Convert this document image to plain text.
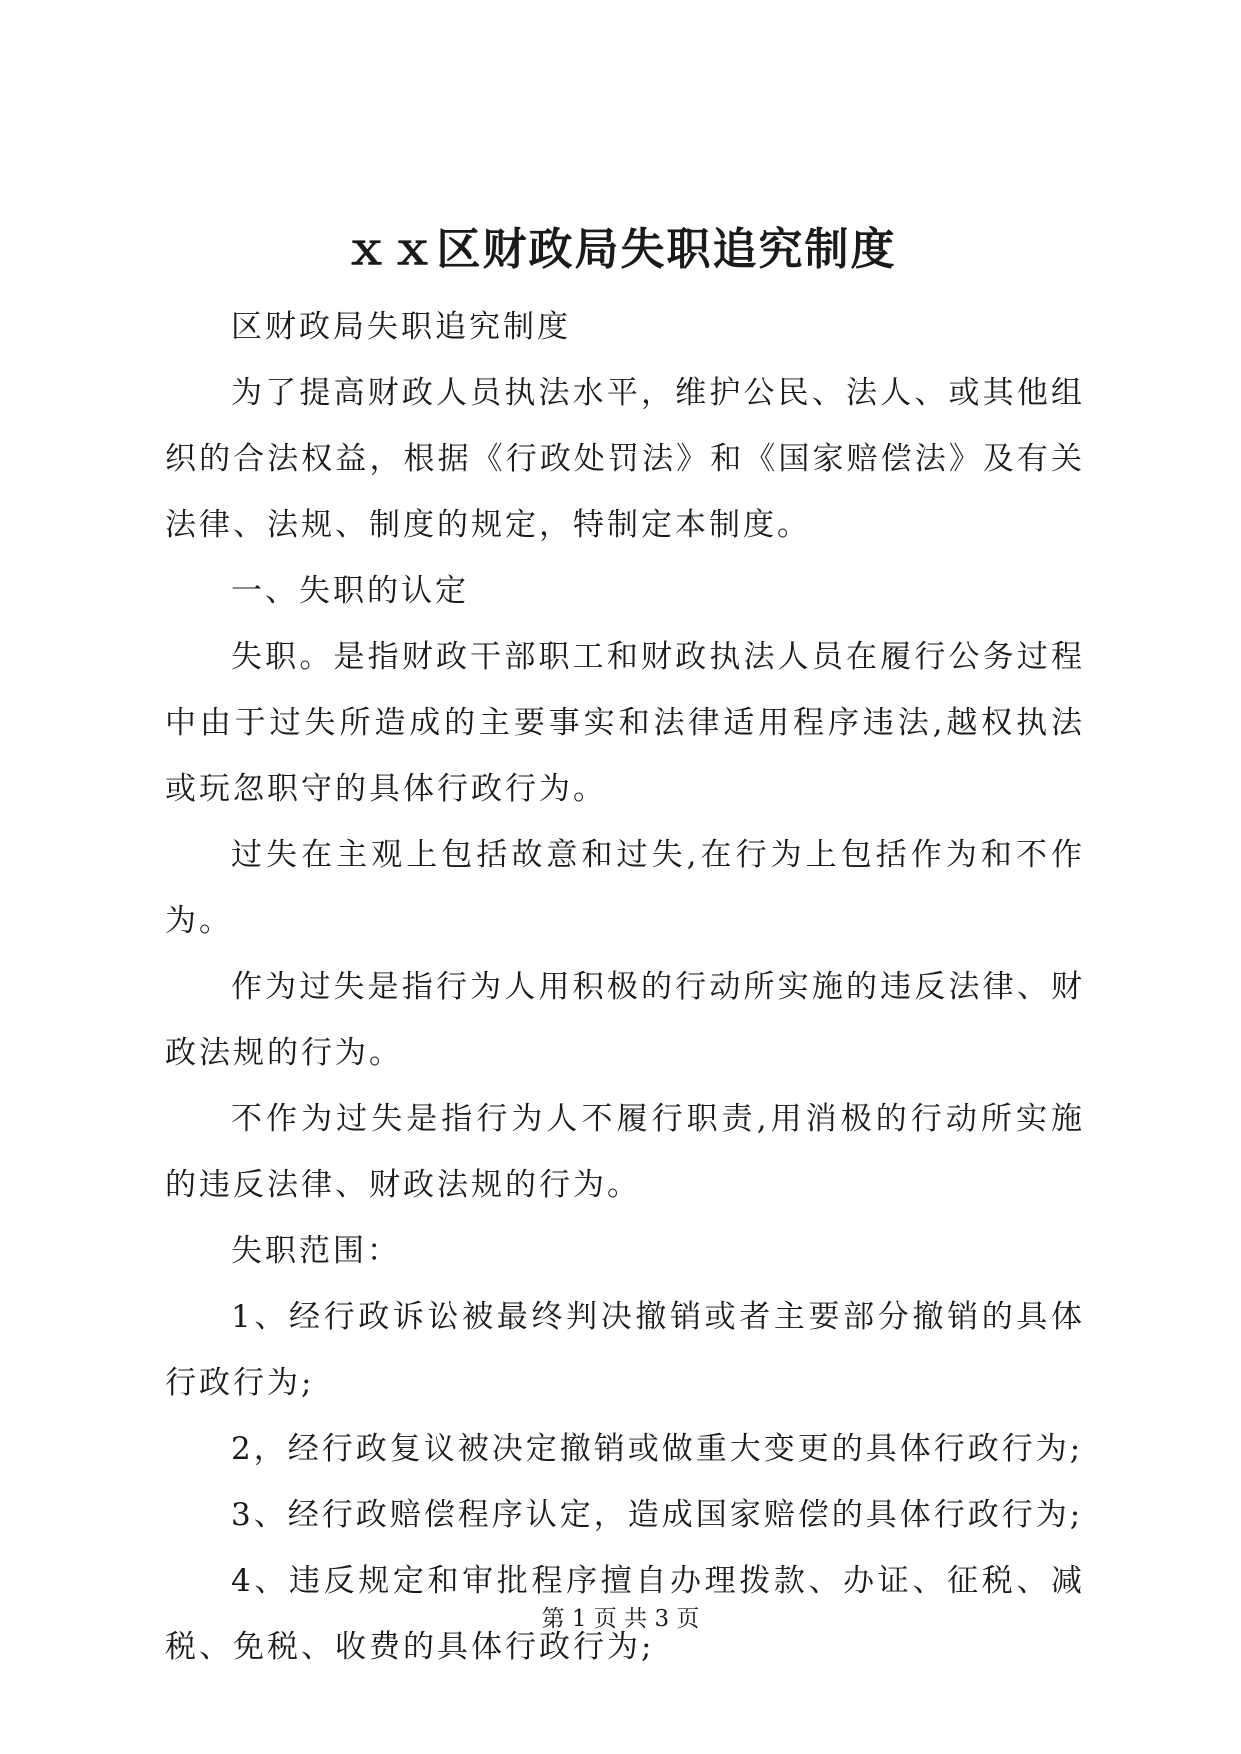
ｘｘ区财政局失职追究制度

区财政局失职追究制度

为了提高财政人员执法水平，维护公民、法人、或其他组织的合法权益，根据《行政处罚法》和《国家赔偿法》及有关法律、法规、制度的规定，特制定本制度。

一、失职的认定

失职。是指财政干部职工和财政执法人员在履行公务过程中由于过失所造成的主要事实和法律适用程序违法,越权执法或玩忽职守的具体行政行为。

过失在主观上包括故意和过失,在行为上包括作为和不作为。

作为过失是指行为人用积极的行动所实施的违反法律、财政法规的行为。

不作为过失是指行为人不履行职责,用消极的行动所实施的违反法律、财政法规的行为。

失职范围：

1、经行政诉讼被最终判决撤销或者主要部分撤销的具体行政行为;

2，经行政复议被决定撤销或做重大变更的具体行政行为;

3、经行政赔偿程序认定，造成国家赔偿的具体行政行为;

4、违反规定和审批程序擅自办理拨款、办证、征税、减税、免税、收费的具体行政行为;

第 1 页 共 3 页
